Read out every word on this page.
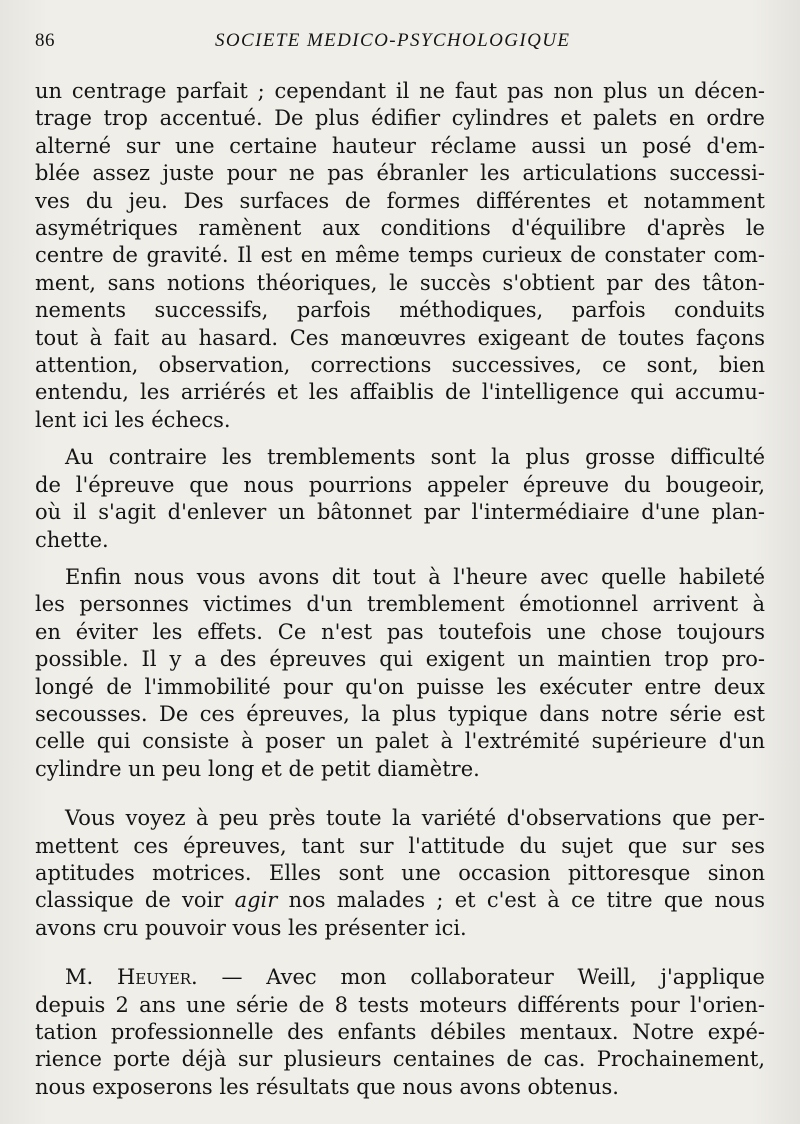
86	SOCIETE MEDICO-PSYCHOLOGIQUE
un centrage parfait ; cependant il ne faut pas non plus un décen-
trage trop accentué. De plus édifier cylindres et palets en ordre
alterné sur une certaine hauteur réclame aussi un posé d'em-
blée assez juste pour ne pas ébranler les articulations successi-
ves du jeu. Des surfaces de formes différentes et notamment
asymétriques ramènent aux conditions d'équilibre d'après le
centre de gravité. Il est en même temps curieux de constater com-
ment, sans notions théoriques, le succès s'obtient par des tâton-
nements successifs, parfois méthodiques, parfois conduits
tout à fait au hasard. Ces manœuvres exigeant de toutes façons
attention, observation, corrections successives, ce sont, bien
entendu, les arriérés et les affaiblis de l'intelligence qui accumu-
lent ici les échecs.
Au contraire les tremblements sont la plus grosse difficulté
de l'épreuve que nous pourrions appeler épreuve du bougeoir,
où il s'agit d'enlever un bâtonnet par l'intermédiaire d'une plan-
chette.
Enfin nous vous avons dit tout à l'heure avec quelle habileté
les personnes victimes d'un tremblement émotionnel arrivent à
en éviter les effets. Ce n'est pas toutefois une chose toujours
possible. Il y a des épreuves qui exigent un maintien trop pro-
longé de l'immobilité pour qu'on puisse les exécuter entre deux
secousses. De ces épreuves, la plus typique dans notre série est
celle qui consiste à poser un palet à l'extrémité supérieure d'un
cylindre un peu long et de petit diamètre.
Vous voyez à peu près toute la variété d'observations que per-
mettent ces épreuves, tant sur l'attitude du sujet que sur ses
aptitudes motrices. Elles sont une occasion pittoresque sinon
classique de voir agir nos malades ; et c'est à ce titre que nous
avons cru pouvoir vous les présenter ici.
M. Heuyer. — Avec mon collaborateur Weill, j'applique
depuis 2 ans une série de 8 tests moteurs différents pour l'orien-
tation professionnelle des enfants débiles mentaux. Notre expé-
rience porte déjà sur plusieurs centaines de cas. Prochainement,
nous exposerons les résultats que nous avons obtenus.
